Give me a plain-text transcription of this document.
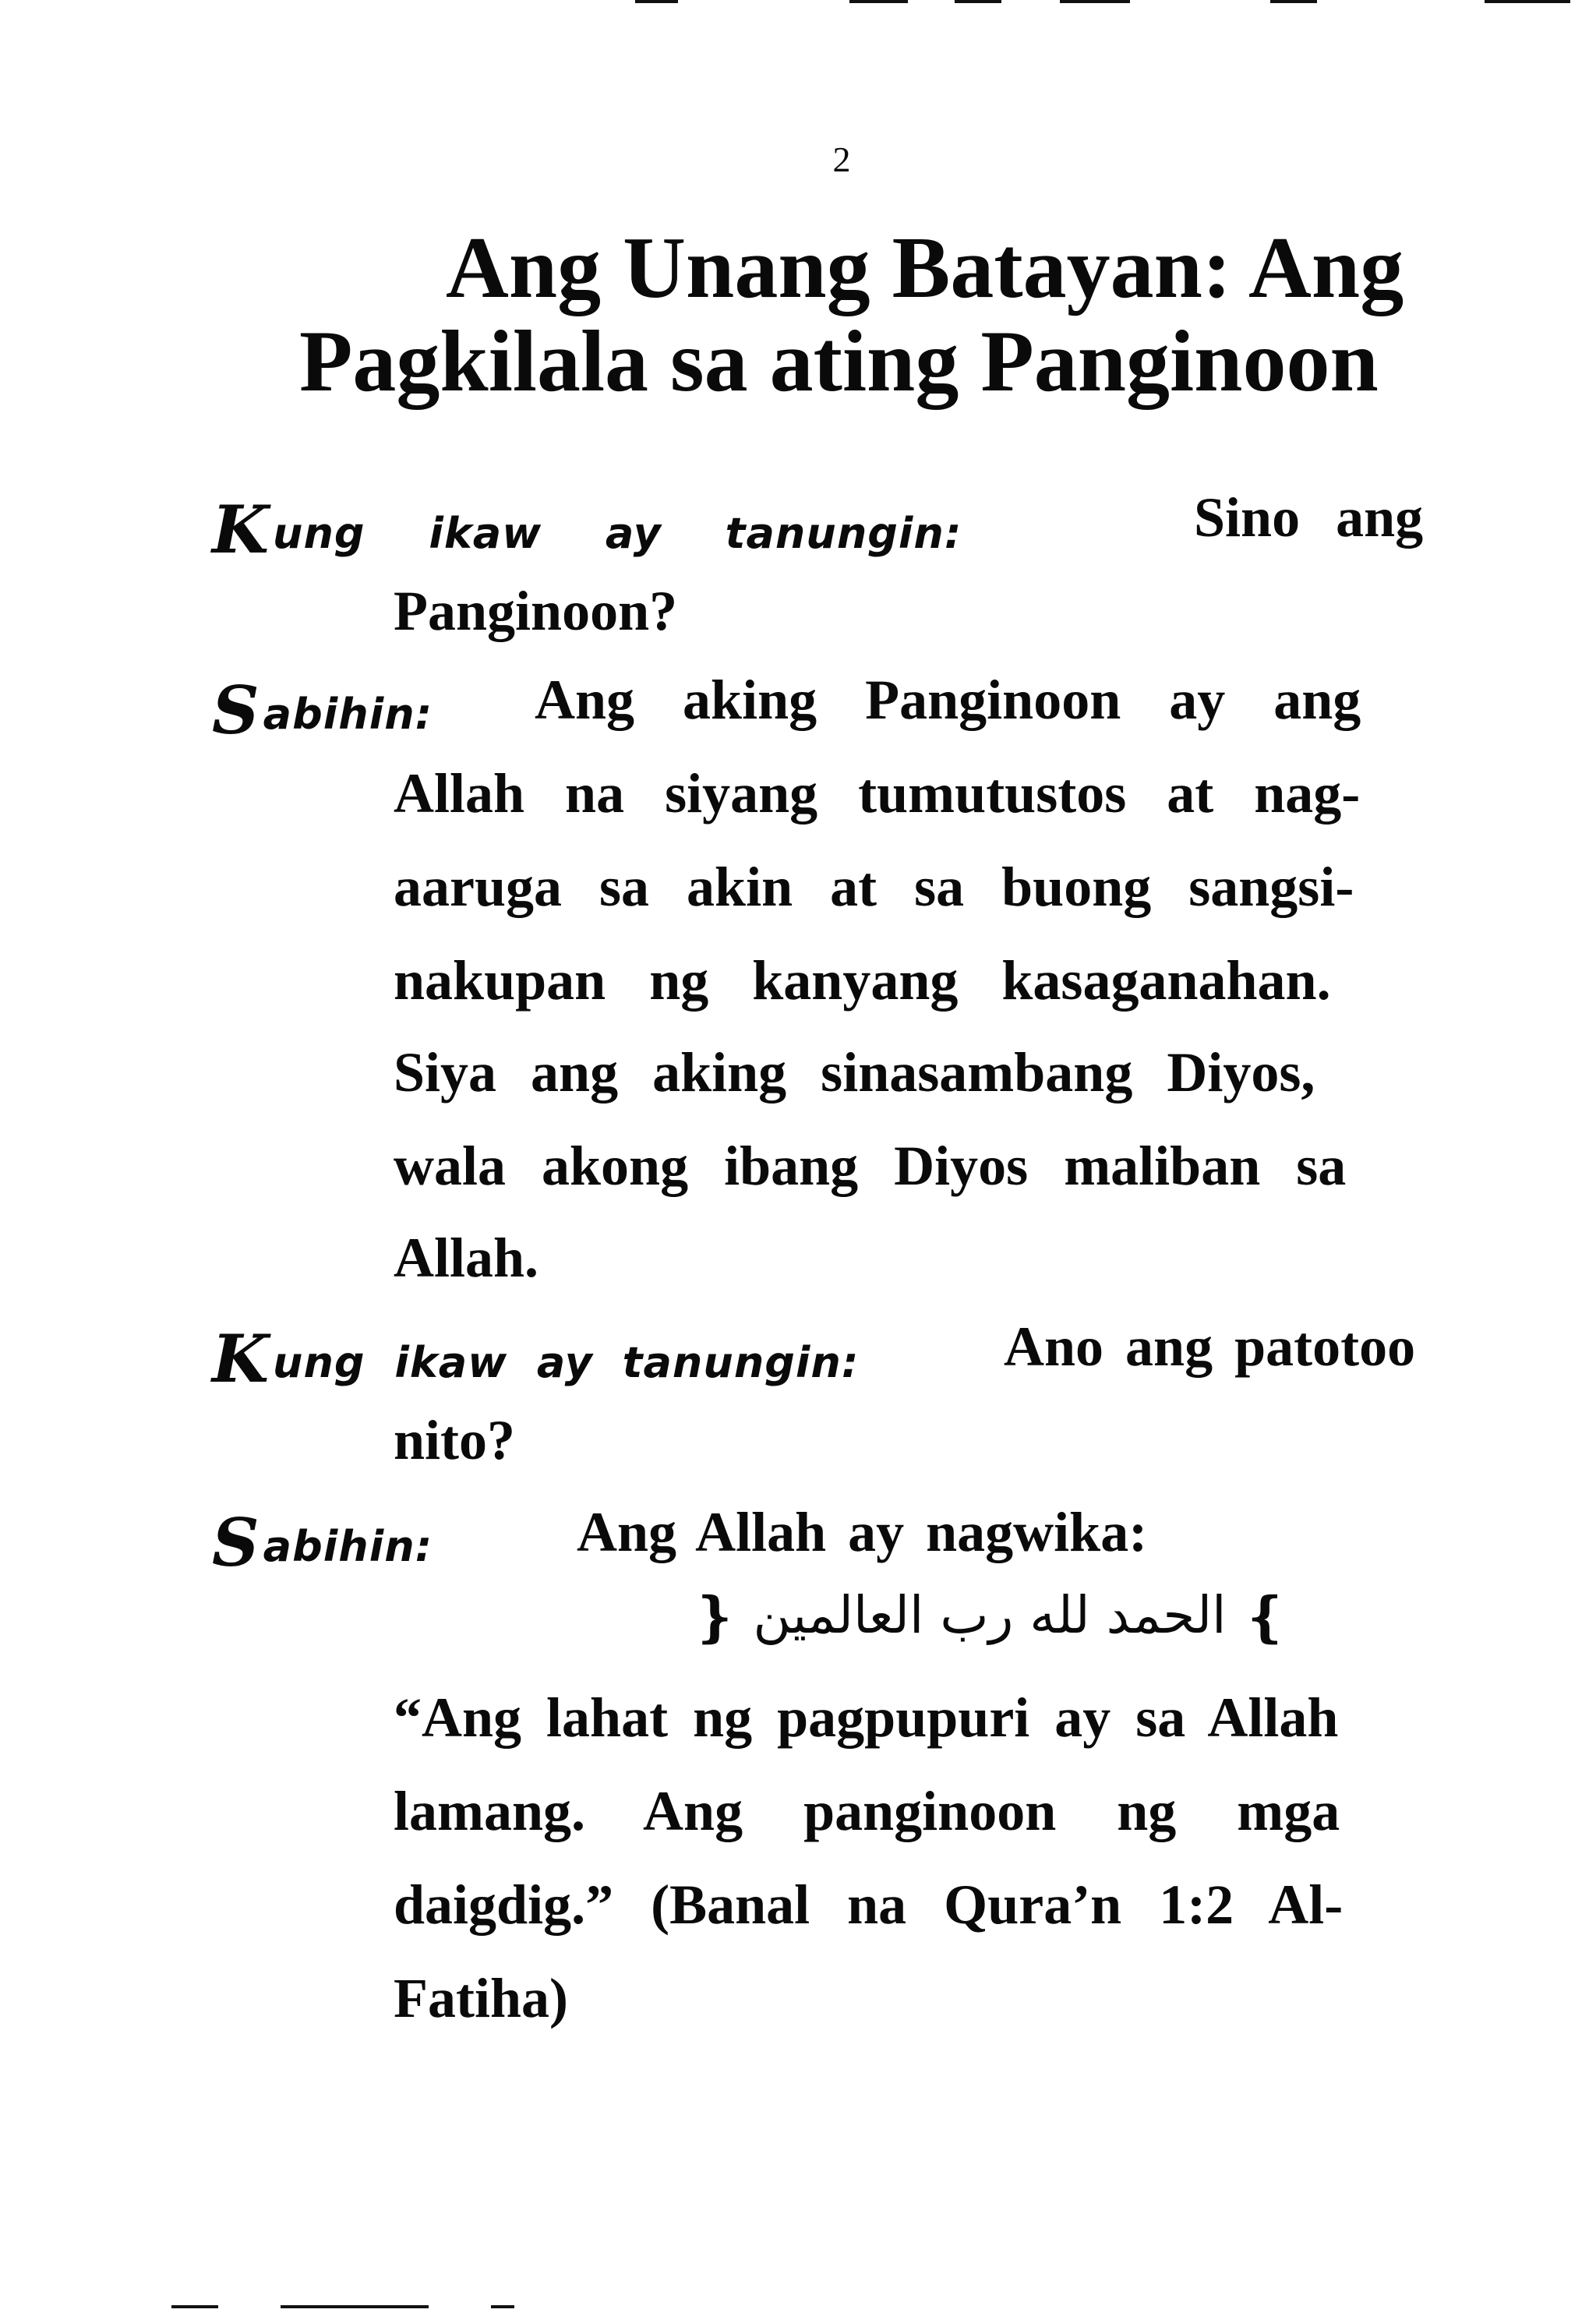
2
Ang Unang Batayan: Ang
Pagkilala sa ating Panginoon
Kung ikaw ay tanungin:	Sino ang
Panginoon?
Sabihin: Ang aking Panginoon ay ang
Allah na siyang tumutustos at nag-
aaruga sa akin at sa buong sangsi-
nakupan ng kanyang kasaganahan.
Siya ang aking sinasambang Diyos,
wala akong ibang Diyos maliban sa
Allah.
Kung ikaw ay tanungin:	Ano ang patotoo
nito?
Sabihin:	Ang Allah ay nagwika:
❵ الحمد لله رب العالمين ❴
“Ang lahat ng pagpupuri ay sa Allah
lamang. Ang panginoon ng mga
daigdig.” (Banal na Qura’n 1:2 Al-
Fatiha)
